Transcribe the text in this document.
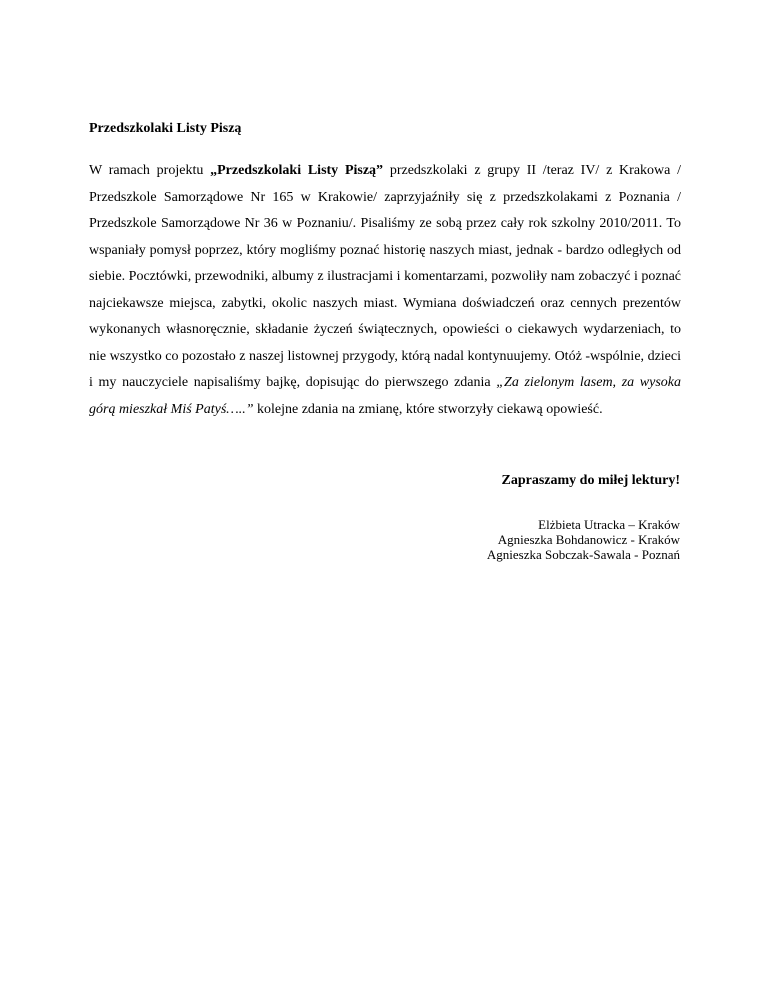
Przedszkolaki Listy Piszą
W ramach projektu „Przedszkolaki Listy Piszą” przedszkolaki z grupy II /teraz IV/ z Krakowa / Przedszkole Samorządowe Nr 165 w Krakowie/ zaprzyjaźniły się z przedszkolakami z Poznania / Przedszkole Samorządowe Nr 36 w Poznaniu/. Pisaliśmy ze sobą przez cały rok szkolny 2010/2011. To wspaniały pomysł poprzez, który mogliśmy poznać historię naszych miast, jednak - bardzo odległych od siebie. Pocztówki, przewodniki, albumy z ilustracjami i komentarzami, pozwoliły nam zobaczyć i poznać najciekawsze miejsca, zabytki, okolic naszych miast. Wymiana doświadczeń oraz cennych prezentów wykonanych własnoręcznie, składanie życzeń świątecznych, opowieści o ciekawych wydarzeniach, to nie wszystko co pozostało z naszej listownej przygody, którą nadal kontynuujemy. Otóż -wspólnie, dzieci i my nauczyciele napisaliśmy bajkę, dopisując do pierwszego zdania „Za zielonym lasem, za wysoka górą mieszkał Miś Patyś…..” kolejne zdania na zmianę, które stworzyły ciekawą opowieść.
Zapraszamy do miłej lektury!
Elżbieta Utracka – Kraków
Agnieszka Bohdanowicz - Kraków
Agnieszka Sobczak-Sawala - Poznań
